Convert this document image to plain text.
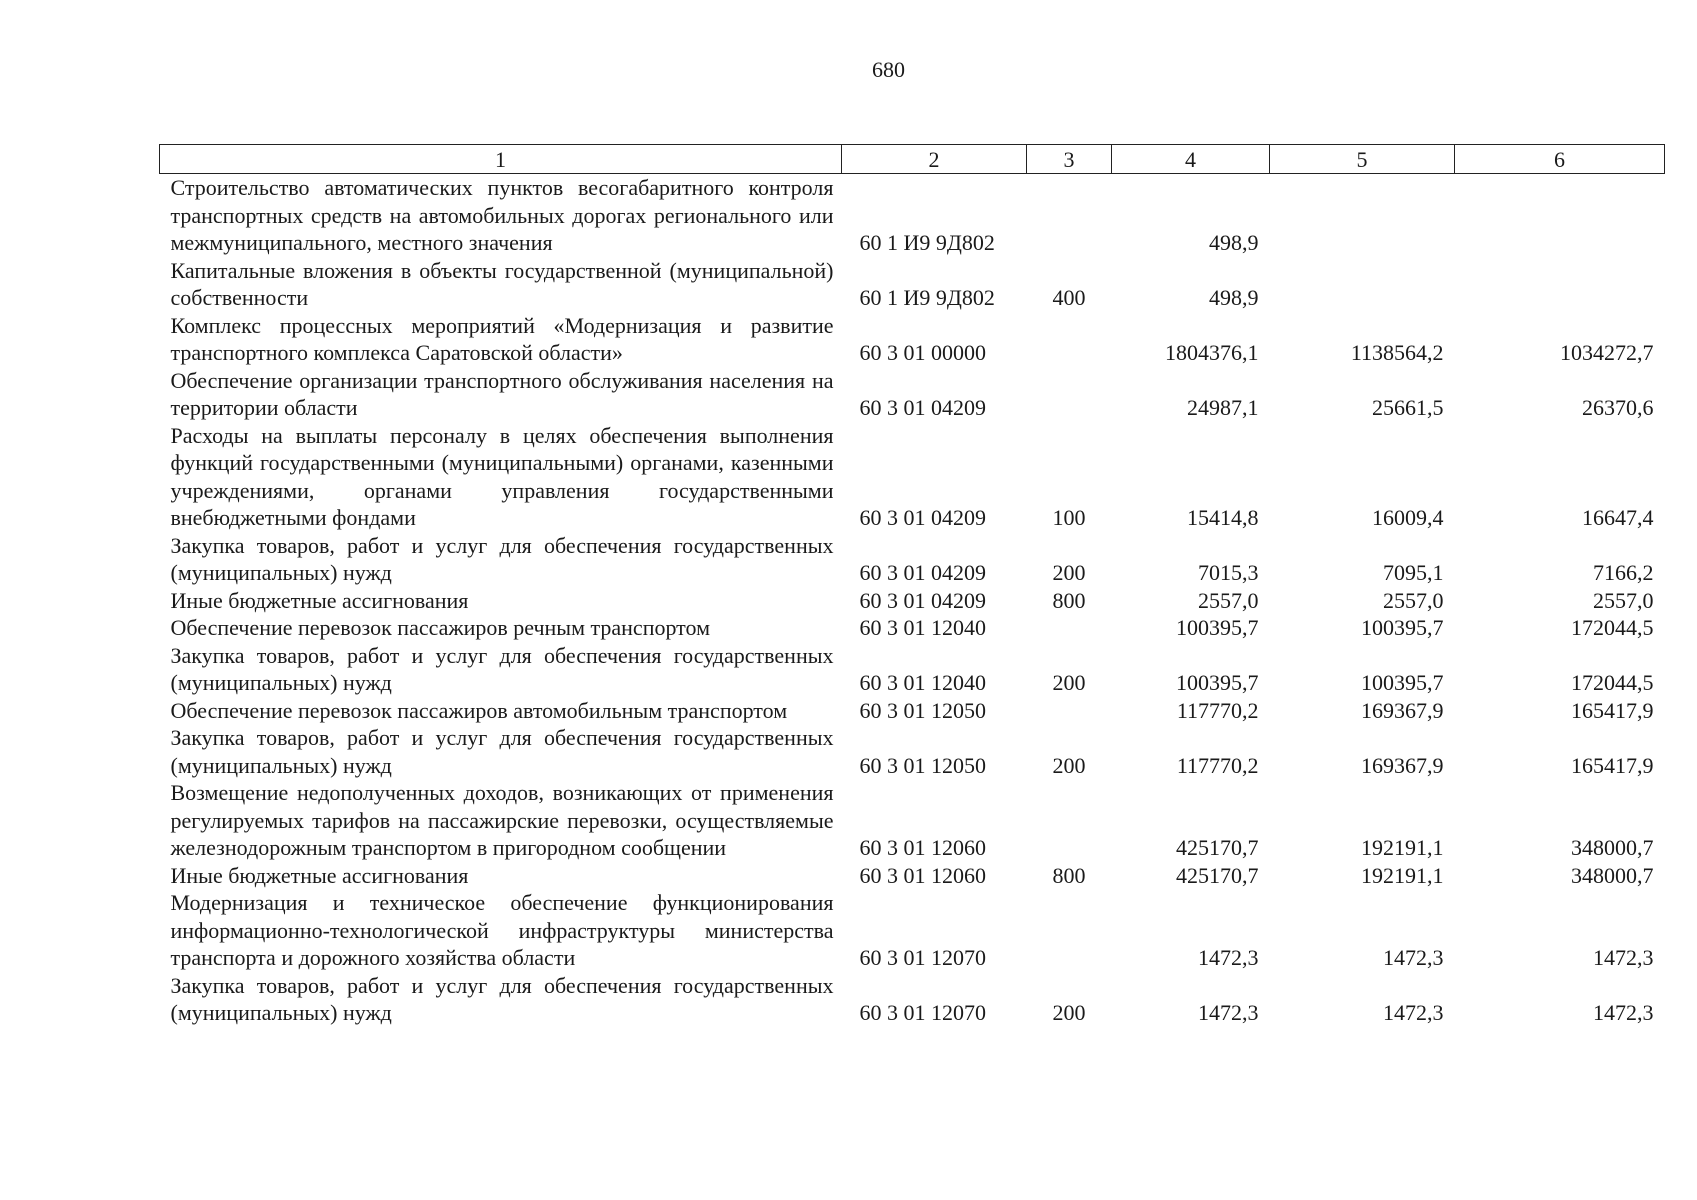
680
1	2	3	4	5	6
Строительство автоматических пунктов весогабаритного контроля транспортных средств на автомобильных дорогах регионального или межмуниципального, местного значения	60 1 И9 9Д802		498,9		
Капитальные вложения в объекты государственной (муниципальной) собственности	60 1 И9 9Д802	400	498,9		
Комплекс процессных мероприятий «Модернизация и развитие транспортного комплекса Саратовской области»	60 3 01 00000		1804376,1	1138564,2	1034272,7
Обеспечение организации транспортного обслуживания населения на территории области	60 3 01 04209		24987,1	25661,5	26370,6
Расходы на выплаты персоналу в целях обеспечения выполнения функций государственными (муниципальными) органами, казенными учреждениями, органами управления государственными внебюджетными фондами	60 3 01 04209	100	15414,8	16009,4	16647,4
Закупка товаров, работ и услуг для обеспечения государственных (муниципальных) нужд	60 3 01 04209	200	7015,3	7095,1	7166,2
Иные бюджетные ассигнования	60 3 01 04209	800	2557,0	2557,0	2557,0
Обеспечение перевозок пассажиров речным транспортом	60 3 01 12040		100395,7	100395,7	172044,5
Закупка товаров, работ и услуг для обеспечения государственных (муниципальных) нужд	60 3 01 12040	200	100395,7	100395,7	172044,5
Обеспечение перевозок пассажиров автомобильным транспортом	60 3 01 12050		117770,2	169367,9	165417,9
Закупка товаров, работ и услуг для обеспечения государственных (муниципальных) нужд	60 3 01 12050	200	117770,2	169367,9	165417,9
Возмещение недополученных доходов, возникающих от применения регулируемых тарифов на пассажирские перевозки, осуществляемые железнодорожным транспортом в пригородном сообщении	60 3 01 12060		425170,7	192191,1	348000,7
Иные бюджетные ассигнования	60 3 01 12060	800	425170,7	192191,1	348000,7
Модернизация и техническое обеспечение функционирования информационно-технологической инфраструктуры министерства транспорта и дорожного хозяйства области	60 3 01 12070		1472,3	1472,3	1472,3
Закупка товаров, работ и услуг для обеспечения государственных (муниципальных) нужд	60 3 01 12070	200	1472,3	1472,3	1472,3
